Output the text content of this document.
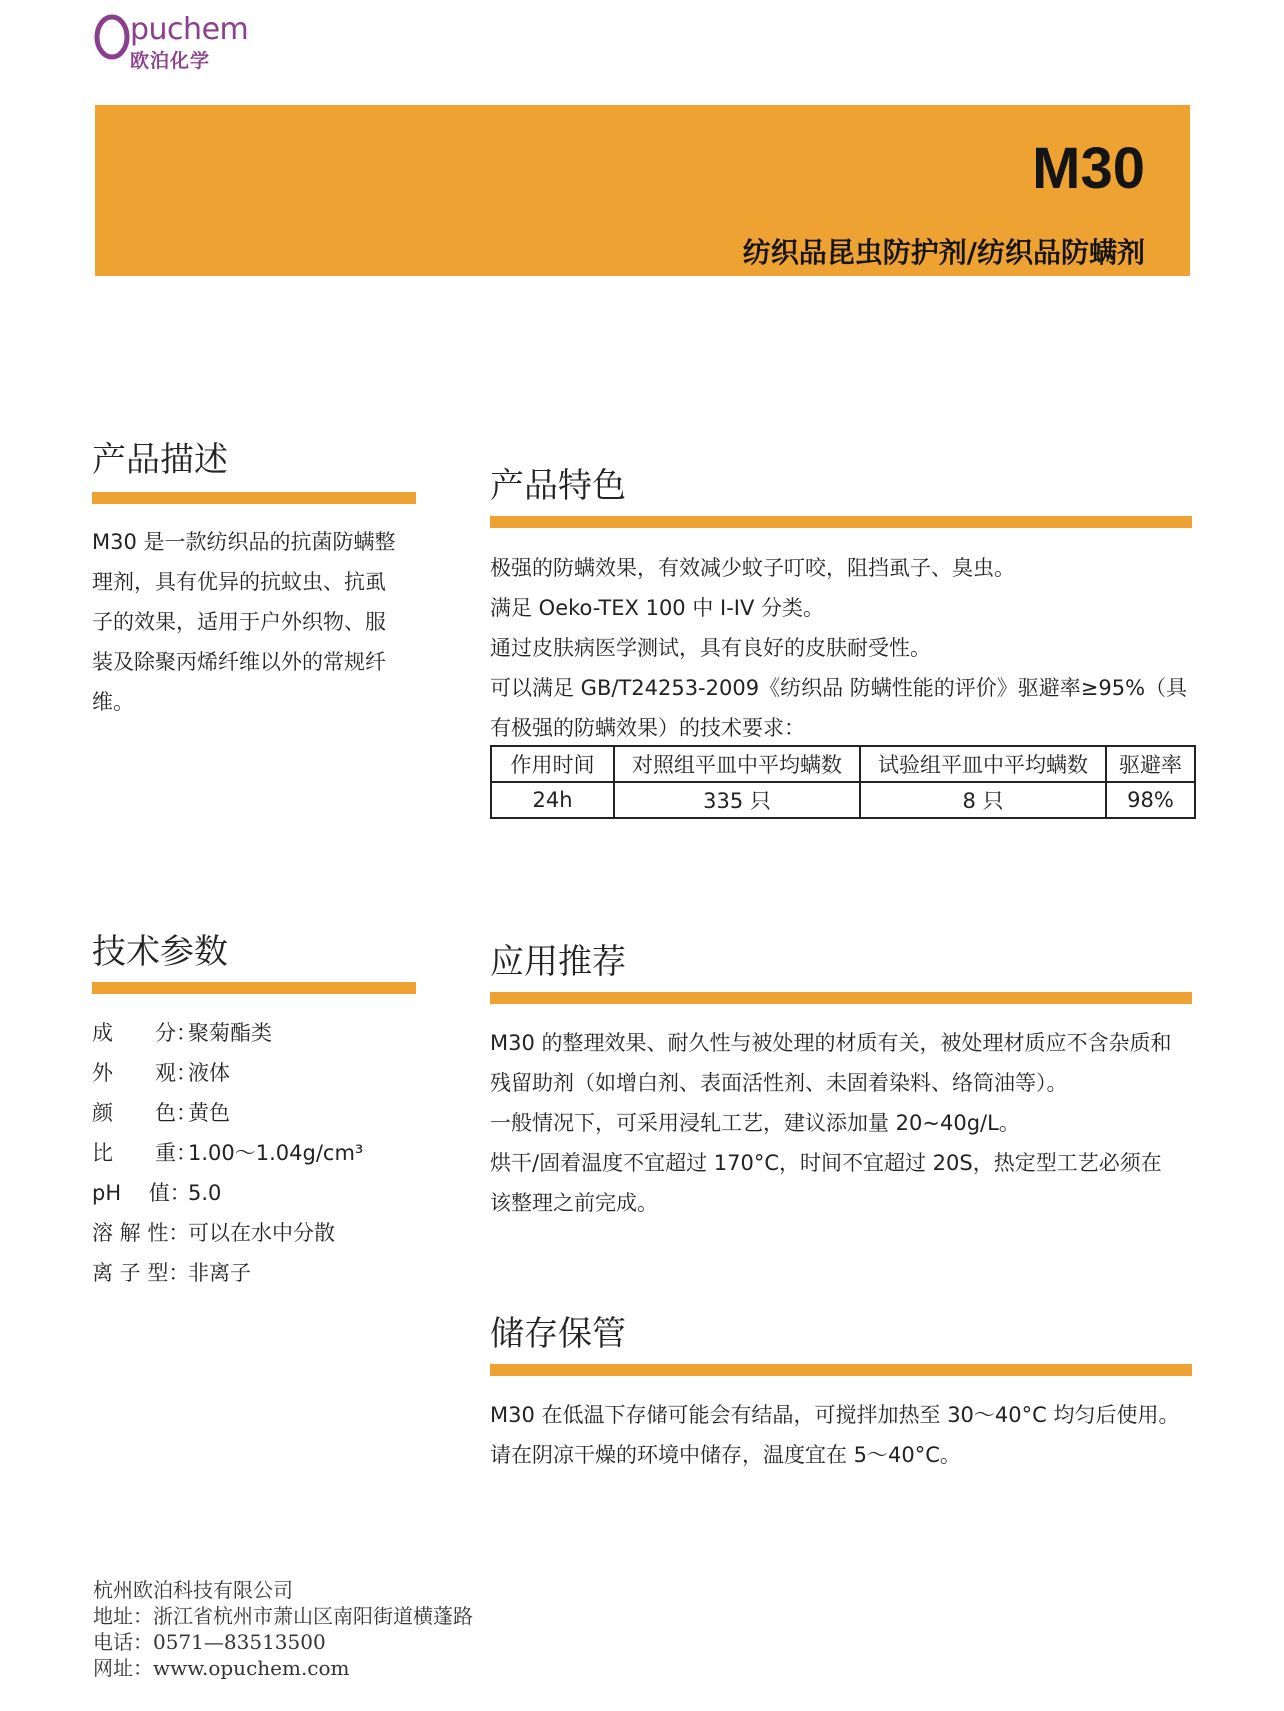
puchem
欧泊化学
M30
纺织品昆虫防护剂/纺织品防螨剂
产品描述
M30 是一款纺织品的抗菌防螨整
理剂，具有优异的抗蚊虫、抗虱
子的效果，适用于户外织物、服
装及除聚丙烯纤维以外的常规纤
维。
产品特色
极强的防螨效果，有效减少蚊子叮咬，阻挡虱子、臭虫。
满足 Oeko-TEX 100 中 I-IV 分类。
通过皮肤病医学测试，具有良好的皮肤耐受性。
可以满足 GB/T24253-2009《纺织品 防螨性能的评价》驱避率≥95%（具
有极强的防螨效果）的技术要求：
作用时间	对照组平皿中平均螨数	试验组平皿中平均螨数	驱避率
24h	335 只	8 只	98%
技术参数
成　　分：聚菊酯类
外　　观：液体
颜　　色：黄色
比　　重：1.00～1.04g/cm³
pH　 值：5.0
溶 解 性：可以在水中分散
离 子 型：非离子
应用推荐
M30 的整理效果、耐久性与被处理的材质有关，被处理材质应不含杂质和
残留助剂（如增白剂、表面活性剂、未固着染料、络筒油等）。
一般情况下，可采用浸轧工艺，建议添加量 20~40g/L。
烘干/固着温度不宜超过 170°C，时间不宜超过 20S，热定型工艺必须在
该整理之前完成。
储存保管
M30 在低温下存储可能会有结晶，可搅拌加热至 30～40°C 均匀后使用。
请在阴凉干燥的环境中储存，温度宜在 5～40°C。
杭州欧泊科技有限公司
地址：浙江省杭州市萧山区南阳街道横蓬路
电话：0571—83513500
网址：www.opuchem.com
